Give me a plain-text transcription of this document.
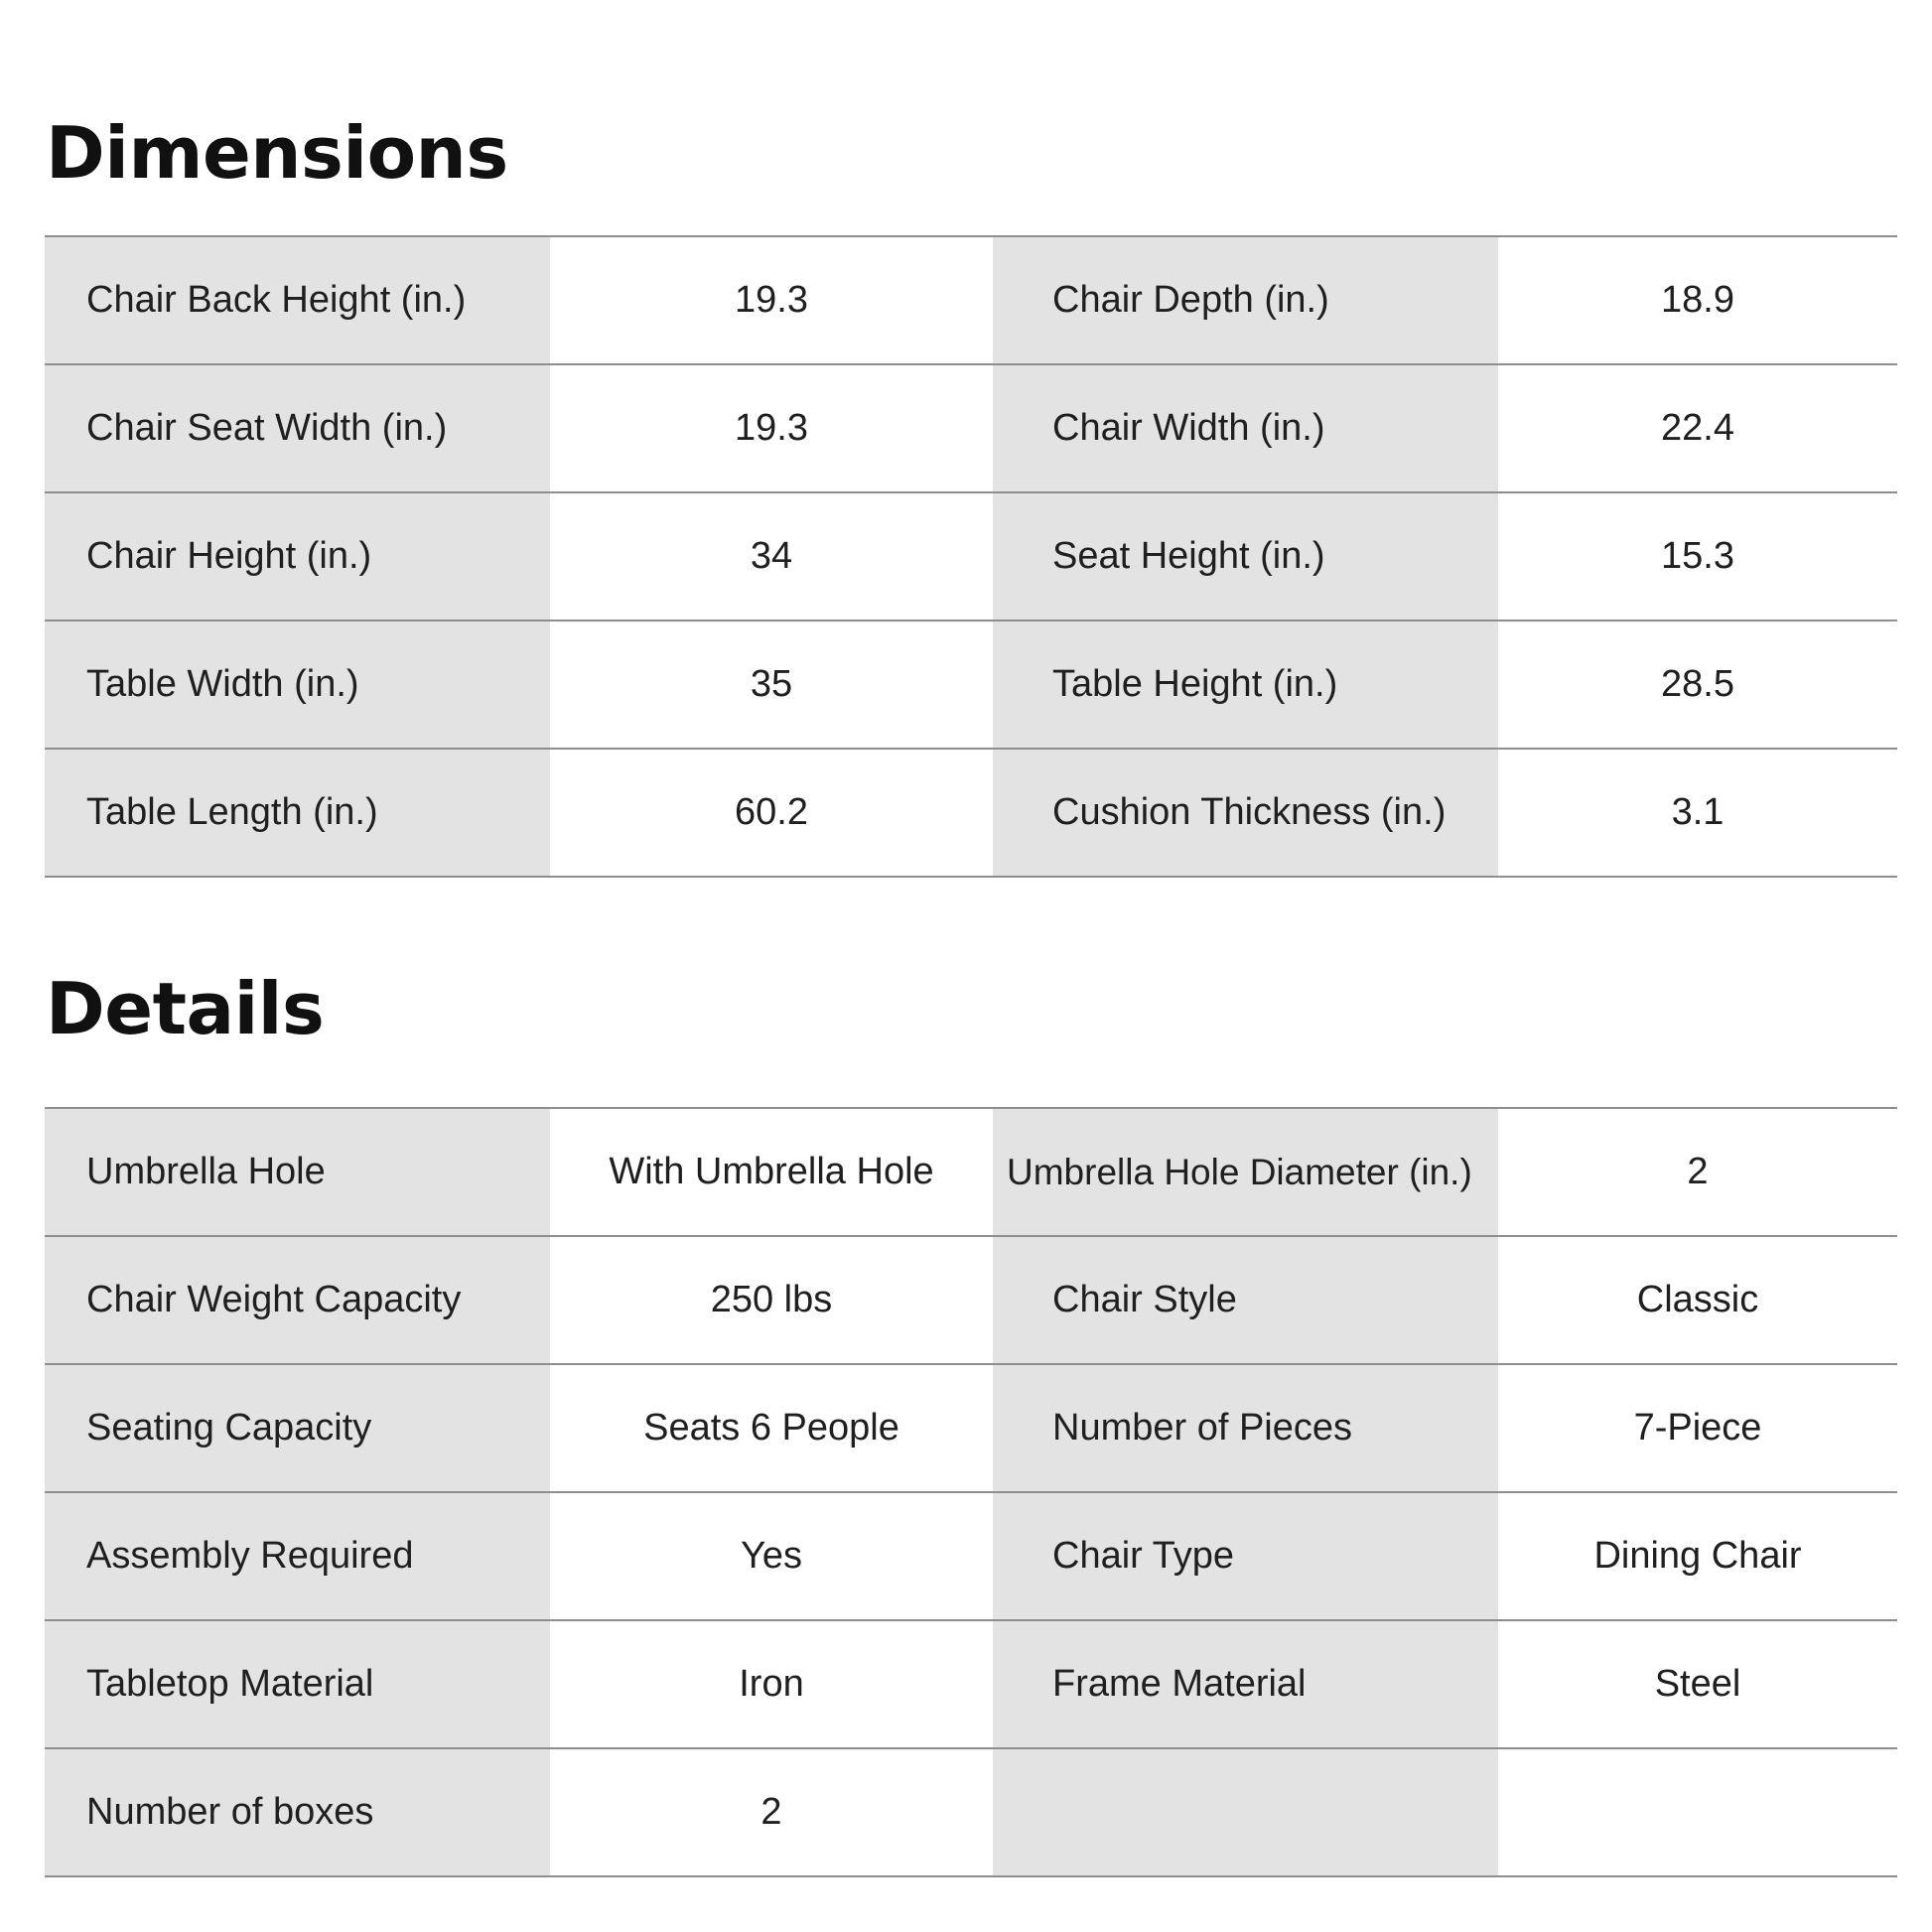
Dimensions
Chair Back Height (in.)	19.3	Chair Depth (in.)	18.9
Chair Seat Width (in.)	19.3	Chair Width (in.)	22.4
Chair Height (in.)	34	Seat Height (in.)	15.3
Table Width (in.)	35	Table Height (in.)	28.5
Table Length (in.)	60.2	Cushion Thickness (in.)	3.1
Details
Umbrella Hole	With Umbrella Hole	Umbrella Hole Diameter (in.)	2
Chair Weight Capacity	250 lbs	Chair Style	Classic
Seating Capacity	Seats 6 People	Number of Pieces	7-Piece
Assembly Required	Yes	Chair Type	Dining Chair
Tabletop Material	Iron	Frame Material	Steel
Number of boxes	2		
